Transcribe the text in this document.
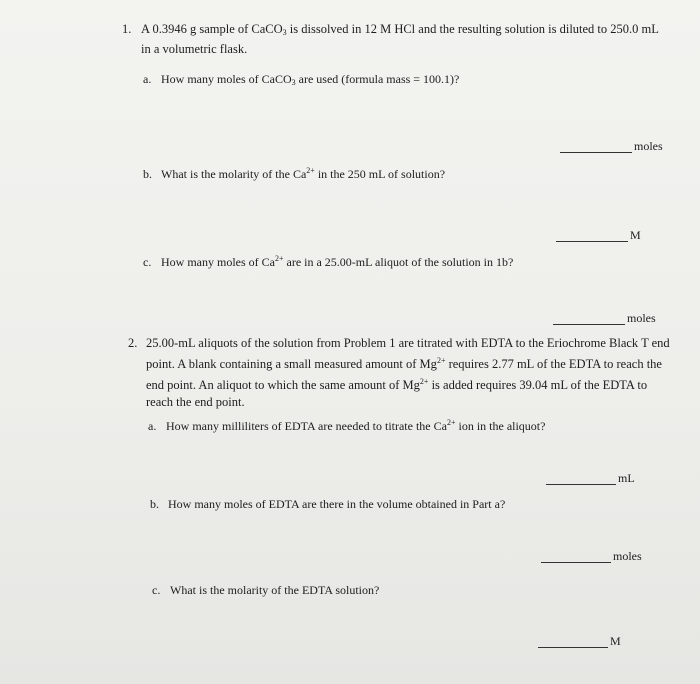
1. A 0.3946 g sample of CaCO$_3$ is dissolved in 12 M HCl and the resulting solution is diluted to 250.0 mL
in a volumetric flask.
a. How many moles of CaCO$_3$ are used (formula mass = 100.1)?
moles
b. What is the molarity of the $Ca^{2+}$ in the 250 mL of solution?
M
c. How many moles of $Ca^{2+}$ are in a 25.00-mL aliquot of the solution in 1b?
moles
2. 25.00-mL aliquots of the solution from Problem 1 are titrated with EDTA to the Eriochrome Black T end
point. A blank containing a small measured amount of $Mg^{2+}$ requires 2.77 mL of the EDTA to reach the
end point. An aliquot to which the same amount of $Mg^{2+}$ is added requires 39.04 mL of the EDTA to
reach the end point.
a. How many milliliters of EDTA are needed to titrate the $Ca^{2+}$ ion in the aliquot?
mL
b. How many moles of EDTA are there in the volume obtained in Part a?
moles
c. What is the molarity of the EDTA solution?
M
